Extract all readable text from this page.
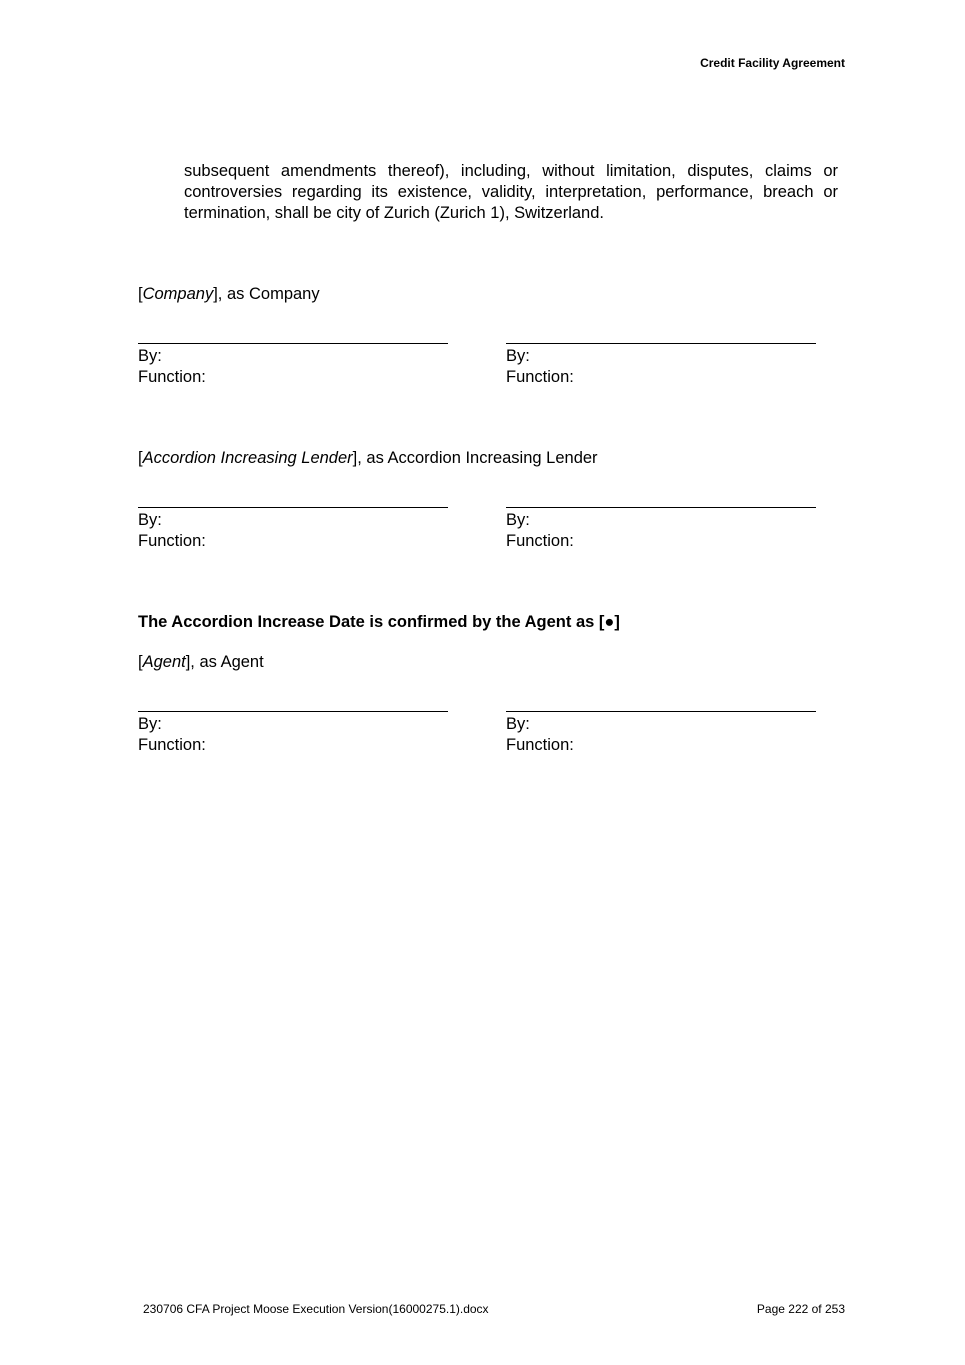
Credit Facility Agreement
subsequent amendments thereof), including, without limitation, disputes, claims or controversies regarding its existence, validity, interpretation, performance, breach or termination, shall be city of Zurich (Zurich 1), Switzerland.
[Company], as Company
By:
Function:
By:
Function:
[Accordion Increasing Lender], as Accordion Increasing Lender
By:
Function:
By:
Function:
The Accordion Increase Date is confirmed by the Agent as [●]
[Agent], as Agent
By:
Function:
By:
Function:
230706 CFA Project Moose Execution Version(16000275.1).docx	Page 222 of 253
